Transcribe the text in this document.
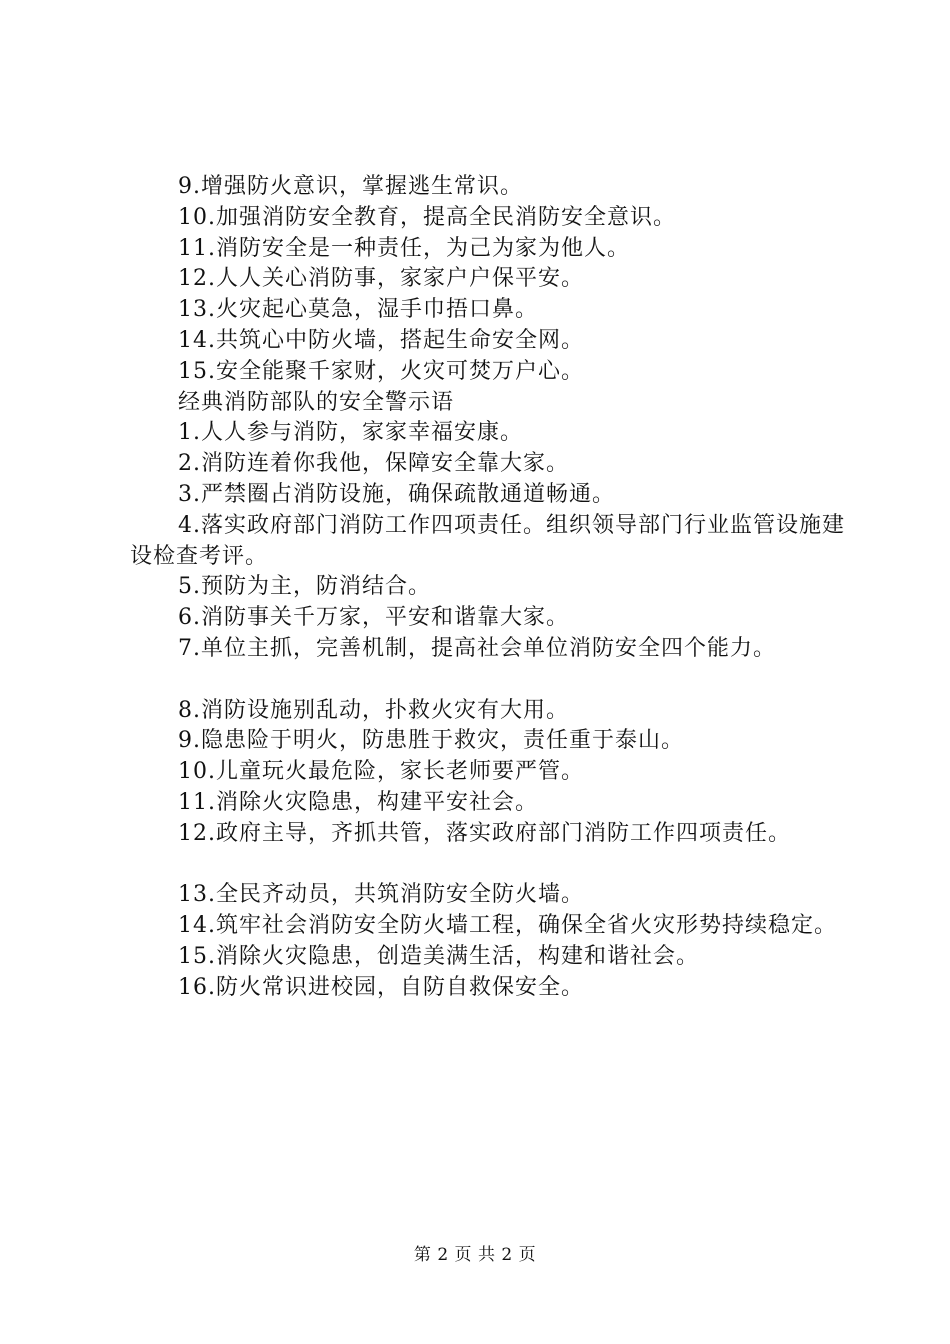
9.增强防火意识，掌握逃生常识。
10.加强消防安全教育，提高全民消防安全意识。
11.消防安全是一种责任，为己为家为他人。
12.人人关心消防事，家家户户保平安。
13.火灾起心莫急，湿手巾捂口鼻。
14.共筑心中防火墙，搭起生命安全网。
15.安全能聚千家财，火灾可焚万户心。
经典消防部队的安全警示语
1.人人参与消防，家家幸福安康。
2.消防连着你我他，保障安全靠大家。
3.严禁圈占消防设施，确保疏散通道畅通。
4.落实政府部门消防工作四项责任。组织领导部门行业监管设施建设检查考评。
5.预防为主，防消结合。
6.消防事关千万家，平安和谐靠大家。
7.单位主抓，完善机制，提高社会单位消防安全四个能力。
8.消防设施别乱动，扑救火灾有大用。
9.隐患险于明火，防患胜于救灾，责任重于泰山。
10.儿童玩火最危险，家长老师要严管。
11.消除火灾隐患，构建平安社会。
12.政府主导，齐抓共管，落实政府部门消防工作四项责任。
13.全民齐动员，共筑消防安全防火墙。
14.筑牢社会消防安全防火墙工程，确保全省火灾形势持续稳定。
15.消除火灾隐患，创造美满生活，构建和谐社会。
16.防火常识进校园，自防自救保安全。
第 2 页 共 2 页
